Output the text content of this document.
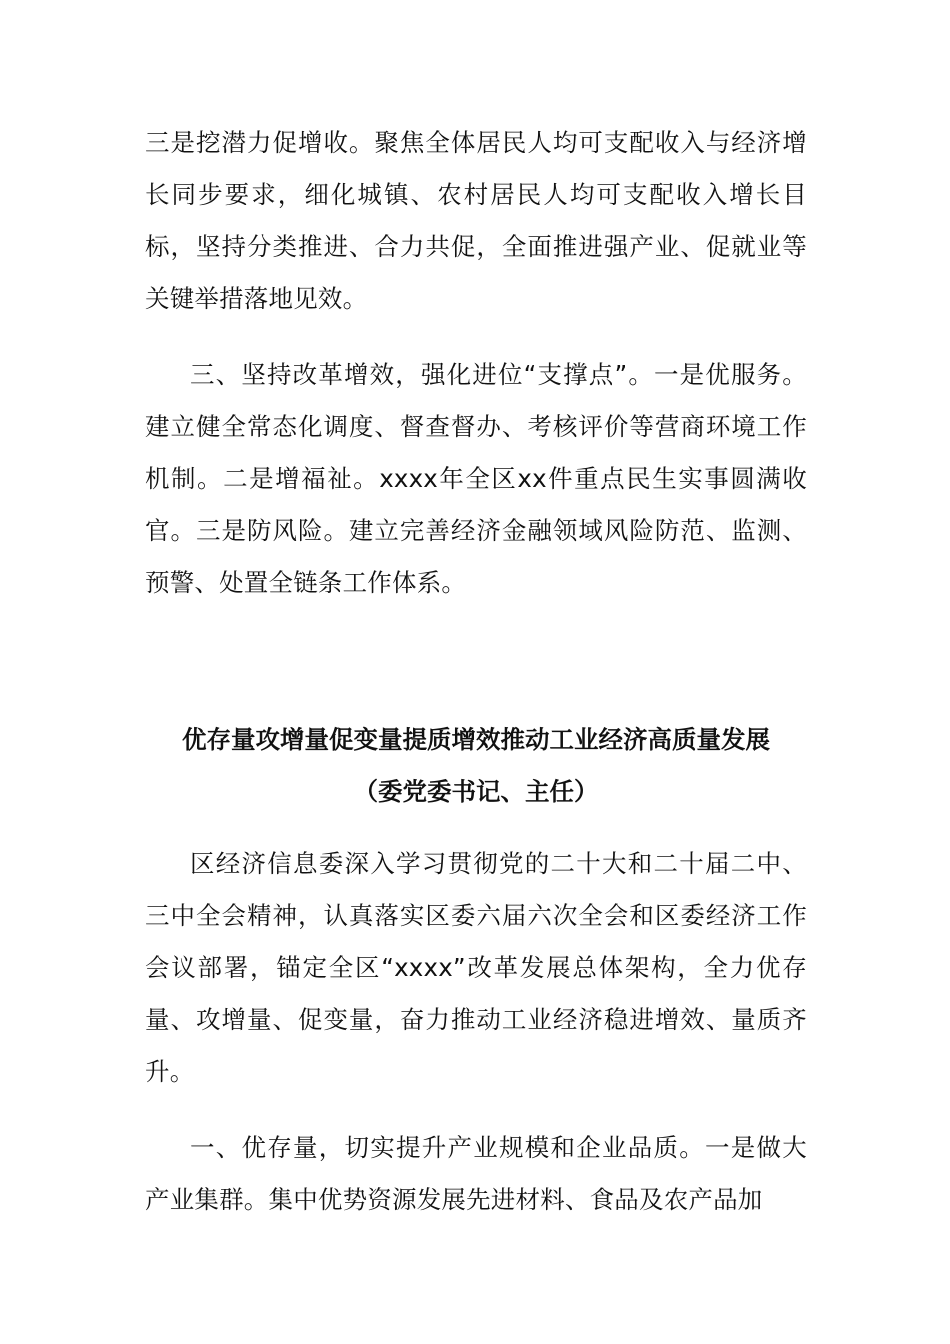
三是挖潜力促增收。聚焦全体居民人均可支配收入与经济增长同步要求，细化城镇、农村居民人均可支配收入增长目标，坚持分类推进、合力共促，全面推进强产业、促就业等关键举措落地见效。

三、坚持改革增效，强化进位“支撑点”。一是优服务。建立健全常态化调度、督查督办、考核评价等营商环境工作机制。二是增福祉。xxxx年全区xx件重点民生实事圆满收官。三是防风险。建立完善经济金融领域风险防范、监测、预警、处置全链条工作体系。

优存量攻增量促变量提质增效推动工业经济高质量发展
（委党委书记、主任）

区经济信息委深入学习贯彻党的二十大和二十届二中、三中全会精神，认真落实区委六届六次全会和区委经济工作会议部署，锚定全区“xxxx”改革发展总体架构，全力优存量、攻增量、促变量，奋力推动工业经济稳进增效、量质齐升。

一、优存量，切实提升产业规模和企业品质。一是做大产业集群。集中优势资源发展先进材料、食品及农产品加
